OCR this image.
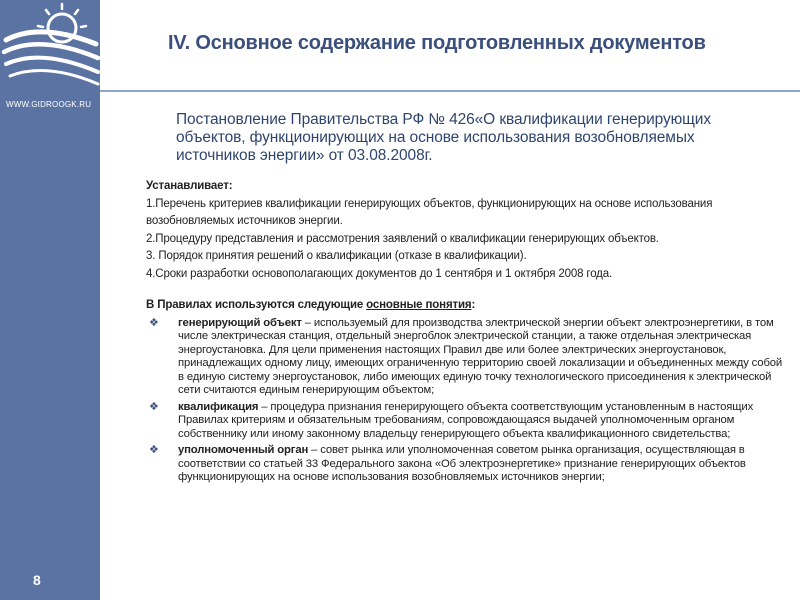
WWW.GIDROOGK.RU
8
IV. Основное содержание подготовленных документов
Постановление Правительства РФ № 426«О квалификации генерирующих объектов, функционирующих на основе использования возобновляемых источников энергии» от 03.08.2008г.

Устанавливает:

1.Перечень критериев квалификации генерирующих объектов, функционирующих на основе использования возобновляемых источников энергии.

2.Процедуру представления и рассмотрения заявлений о квалификации генерирующих объектов.

3. Порядок принятия решений о квалификации (отказе в квалификации).

4.Сроки разработки основополагающих документов до 1 сентября и 1 октября 2008 года.

В Правилах используются следующие основные понятия:

❖ генерирующий объект – используемый для производства электрической энергии объект электроэнергетики, в том числе электрическая станция, отдельный энергоблок электрической станции, а также отдельная электрическая энергоустановка. Для цели применения настоящих Правил две или более электрических энергоустановок, принадлежащих одному лицу, имеющих ограниченную территорию своей локализации и объединенных между собой в единую систему энергоустановок, либо имеющих единую точку технологического присоединения к электрической сети считаются единым генерирующим объектом;
❖ квалификация – процедура признания генерирующего объекта соответствующим установленным в настоящих Правилах критериям и обязательным требованиям, сопровождающаяся выдачей уполномоченным органом собственнику или иному законному владельцу генерирующего объекта квалификационного свидетельства;
❖ уполномоченный орган – совет рынка или уполномоченная советом рынка организация, осуществляющая в соответствии со статьей 33 Федерального закона «Об электроэнергетике» признание генерирующих объектов функционирующих на основе использования возобновляемых источников энергии;
